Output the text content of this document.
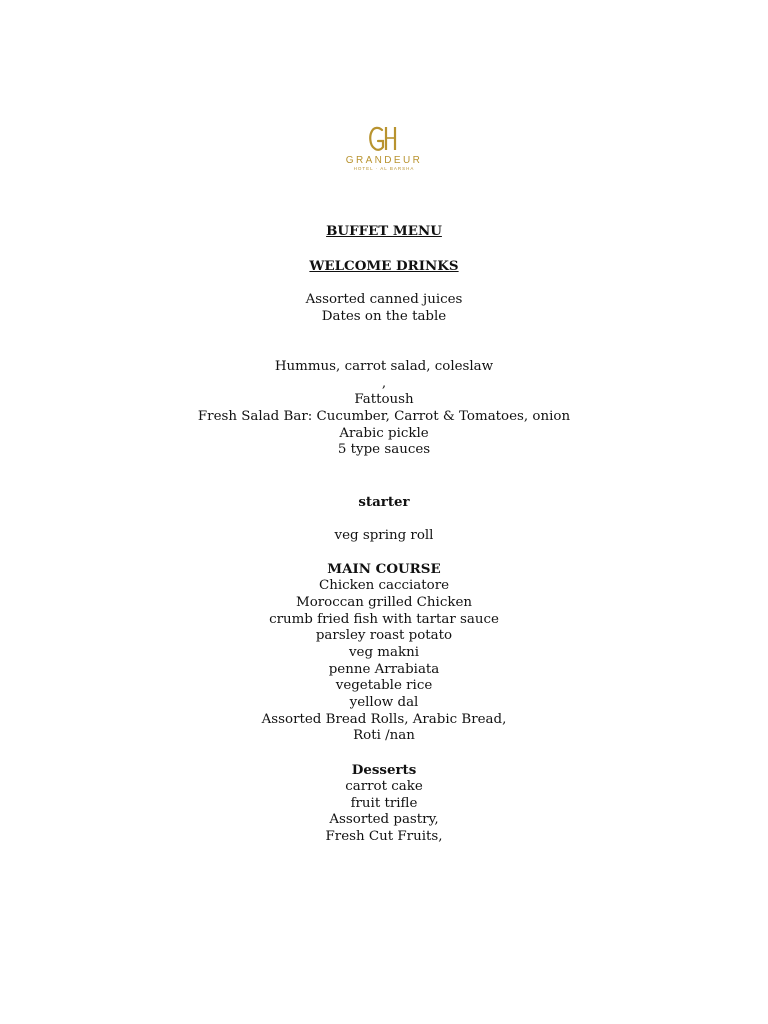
GRANDEUR
HOTEL · AL BARSHA
BUFFET MENU
WELCOME DRINKS
Assorted canned juices
Dates on the table
Hummus, carrot salad, coleslaw
,
Fattoush
Fresh Salad Bar: Cucumber, Carrot & Tomatoes, onion
Arabic pickle
5 type sauces
starter
veg spring roll
MAIN COURSE
Chicken cacciatore
Moroccan grilled Chicken
crumb fried fish with tartar sauce
parsley roast potato
veg makni
penne Arrabiata
vegetable rice
yellow dal
Assorted Bread Rolls, Arabic Bread,
Roti /nan
Desserts
carrot cake
fruit trifle
Assorted pastry,
Fresh Cut Fruits,
